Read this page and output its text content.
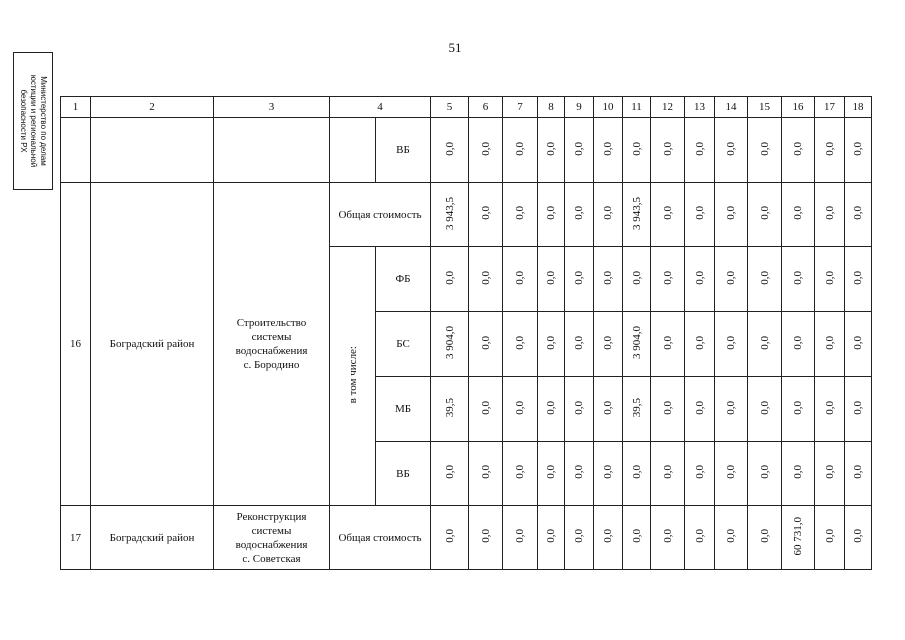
51
Министерство по делам
юстиции и региональной
безопасности РХ	1	2	3	4		5	6	7	8	9	10	11	12	13	14	15	16	17	18
				ВБ	0,0	0,0	0,0	0,0	0,0	0,0	0,0	0,0	0,0	0,0	0,0	0,0	0,0	0,0
16	Боградский район	Строительство
системы
водоснабжения
с. Бородино	Общая стоимость		3 943,5	0,0	0,0	0,0	0,0	0,0	3 943,5	0,0	0,0	0,0	0,0	0,0	0,0	0,0
			в том числе:	ФБ	0,0	0,0	0,0	0,0	0,0	0,0	0,0	0,0	0,0	0,0	0,0	0,0	0,0	0,0
				БС	3 904,0	0,0	0,0	0,0	0,0	0,0	3 904,0	0,0	0,0	0,0	0,0	0,0	0,0	0,0
				МБ	39,5	0,0	0,0	0,0	0,0	0,0	39,5	0,0	0,0	0,0	0,0	0,0	0,0	0,0
				ВБ	0,0	0,0	0,0	0,0	0,0	0,0	0,0	0,0	0,0	0,0	0,0	0,0	0,0	0,0
17	Боградский район	Реконструкция
системы
водоснабжения
с. Советская	Общая стоимость		0,0	0,0	0,0	0,0	0,0	0,0	0,0	0,0	0,0	0,0	0,0	60 731,0	0,0	0,0
